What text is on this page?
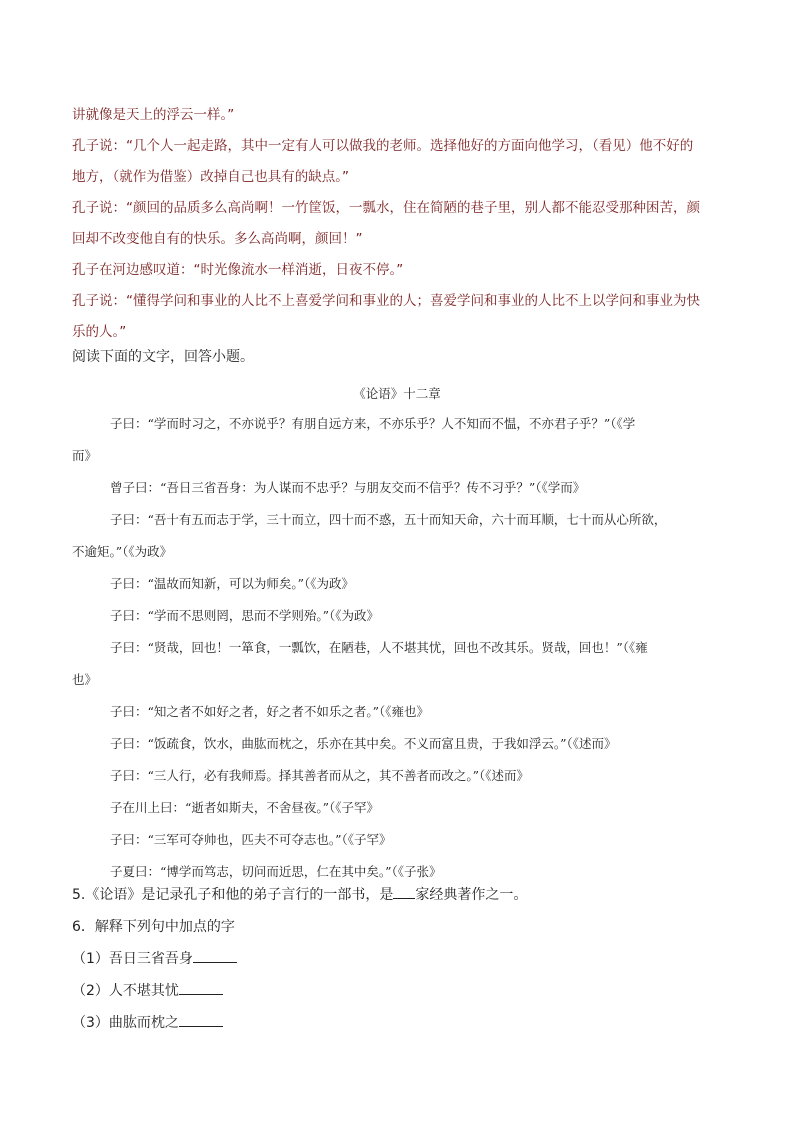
讲就像是天上的浮云一样。”

孔子说：“几个人一起走路，其中一定有人可以做我的老师。选择他好的方面向他学习，（看见）他不好的

地方，（就作为借鉴）改掉自己也具有的缺点。”

孔子说：“颜回的品质多么高尚啊！一竹筐饭，一瓢水，住在简陋的巷子里，别人都不能忍受那种困苦，颜

回却不改变他自有的快乐。多么高尚啊，颜回！”

孔子在河边感叹道：“时光像流水一样消逝，日夜不停。”

孔子说：“懂得学问和事业的人比不上喜爱学问和事业的人；喜爱学问和事业的人比不上以学问和事业为快

乐的人。”

阅读下面的文字，回答小题。
《论语》十二章

子曰：“学而时习之，不亦说乎？有朋自远方来，不亦乐乎？人不知而不愠，不亦君子乎？”（《学

而》

曾子曰：“吾日三省吾身：为人谋而不忠乎？与朋友交而不信乎？传不习乎？”（《学而》

子曰：“吾十有五而志于学，三十而立，四十而不惑，五十而知天命，六十而耳顺，七十而从心所欲，

不逾矩。”（《为政》

子曰：“温故而知新，可以为师矣。”（《为政》

子曰：“学而不思则罔，思而不学则殆。”（《为政》

子曰：“贤哉，回也！一箪食，一瓢饮，在陋巷，人不堪其忧，回也不改其乐。贤哉，回也！”（《雍

也》

子曰：“知之者不如好之者，好之者不如乐之者。”（《雍也》

子曰：“饭疏食，饮水，曲肱而枕之，乐亦在其中矣。不义而富且贵，于我如浮云。”（《述而》

子曰：“三人行，必有我师焉。择其善者而从之，其不善者而改之。”（《述而》

子在川上曰：“逝者如斯夫，不舍昼夜。”（《子罕》

子曰：“三军可夺帅也，匹夫不可夺志也。”（《子罕》

子夏曰：“博学而笃志，切问而近思，仁在其中矣。”（《子张》

5.《论语》是记录孔子和他的弟子言行的一部书，是 家经典著作之一。
6．解释下列句中加点的字
（1）吾日三省吾身
（2）人不堪其忧
（3）曲肱而枕之
